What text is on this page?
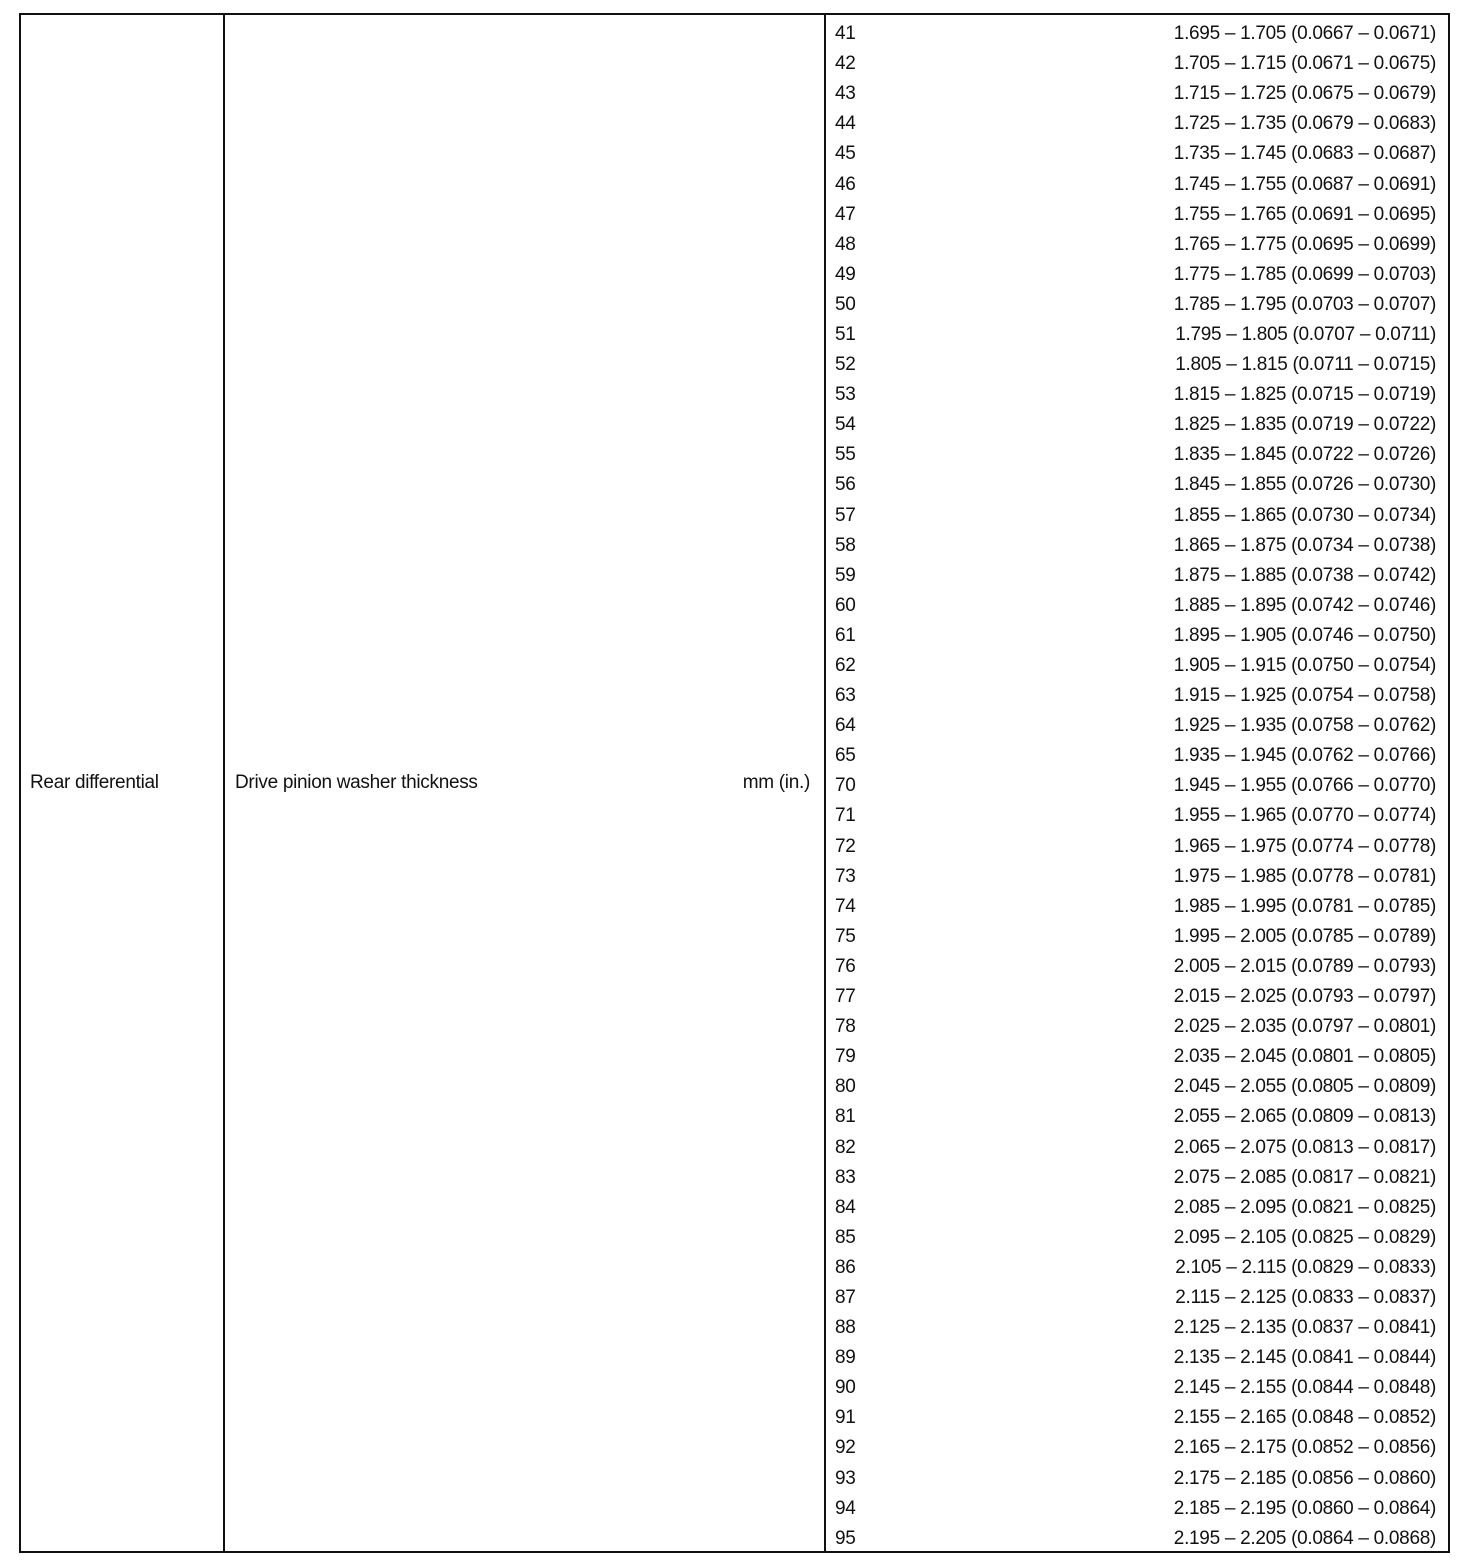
Rear differential	Drive pinion washer thickness	mm (in.)
41	1.695 – 1.705 (0.0667 – 0.0671)
42	1.705 – 1.715 (0.0671 – 0.0675)
43	1.715 – 1.725 (0.0675 – 0.0679)
44	1.725 – 1.735 (0.0679 – 0.0683)
45	1.735 – 1.745 (0.0683 – 0.0687)
46	1.745 – 1.755 (0.0687 – 0.0691)
47	1.755 – 1.765 (0.0691 – 0.0695)
48	1.765 – 1.775 (0.0695 – 0.0699)
49	1.775 – 1.785 (0.0699 – 0.0703)
50	1.785 – 1.795 (0.0703 – 0.0707)
51	1.795 – 1.805 (0.0707 – 0.0711)
52	1.805 – 1.815 (0.0711 – 0.0715)
53	1.815 – 1.825 (0.0715 – 0.0719)
54	1.825 – 1.835 (0.0719 – 0.0722)
55	1.835 – 1.845 (0.0722 – 0.0726)
56	1.845 – 1.855 (0.0726 – 0.0730)
57	1.855 – 1.865 (0.0730 – 0.0734)
58	1.865 – 1.875 (0.0734 – 0.0738)
59	1.875 – 1.885 (0.0738 – 0.0742)
60	1.885 – 1.895 (0.0742 – 0.0746)
61	1.895 – 1.905 (0.0746 – 0.0750)
62	1.905 – 1.915 (0.0750 – 0.0754)
63	1.915 – 1.925 (0.0754 – 0.0758)
64	1.925 – 1.935 (0.0758 – 0.0762)
65	1.935 – 1.945 (0.0762 – 0.0766)
70	1.945 – 1.955 (0.0766 – 0.0770)
71	1.955 – 1.965 (0.0770 – 0.0774)
72	1.965 – 1.975 (0.0774 – 0.0778)
73	1.975 – 1.985 (0.0778 – 0.0781)
74	1.985 – 1.995 (0.0781 – 0.0785)
75	1.995 – 2.005 (0.0785 – 0.0789)
76	2.005 – 2.015 (0.0789 – 0.0793)
77	2.015 – 2.025 (0.0793 – 0.0797)
78	2.025 – 2.035 (0.0797 – 0.0801)
79	2.035 – 2.045 (0.0801 – 0.0805)
80	2.045 – 2.055 (0.0805 – 0.0809)
81	2.055 – 2.065 (0.0809 – 0.0813)
82	2.065 – 2.075 (0.0813 – 0.0817)
83	2.075 – 2.085 (0.0817 – 0.0821)
84	2.085 – 2.095 (0.0821 – 0.0825)
85	2.095 – 2.105 (0.0825 – 0.0829)
86	2.105 – 2.115 (0.0829 – 0.0833)
87	2.115 – 2.125 (0.0833 – 0.0837)
88	2.125 – 2.135 (0.0837 – 0.0841)
89	2.135 – 2.145 (0.0841 – 0.0844)
90	2.145 – 2.155 (0.0844 – 0.0848)
91	2.155 – 2.165 (0.0848 – 0.0852)
92	2.165 – 2.175 (0.0852 – 0.0856)
93	2.175 – 2.185 (0.0856 – 0.0860)
94	2.185 – 2.195 (0.0860 – 0.0864)
95	2.195 – 2.205 (0.0864 – 0.0868)
